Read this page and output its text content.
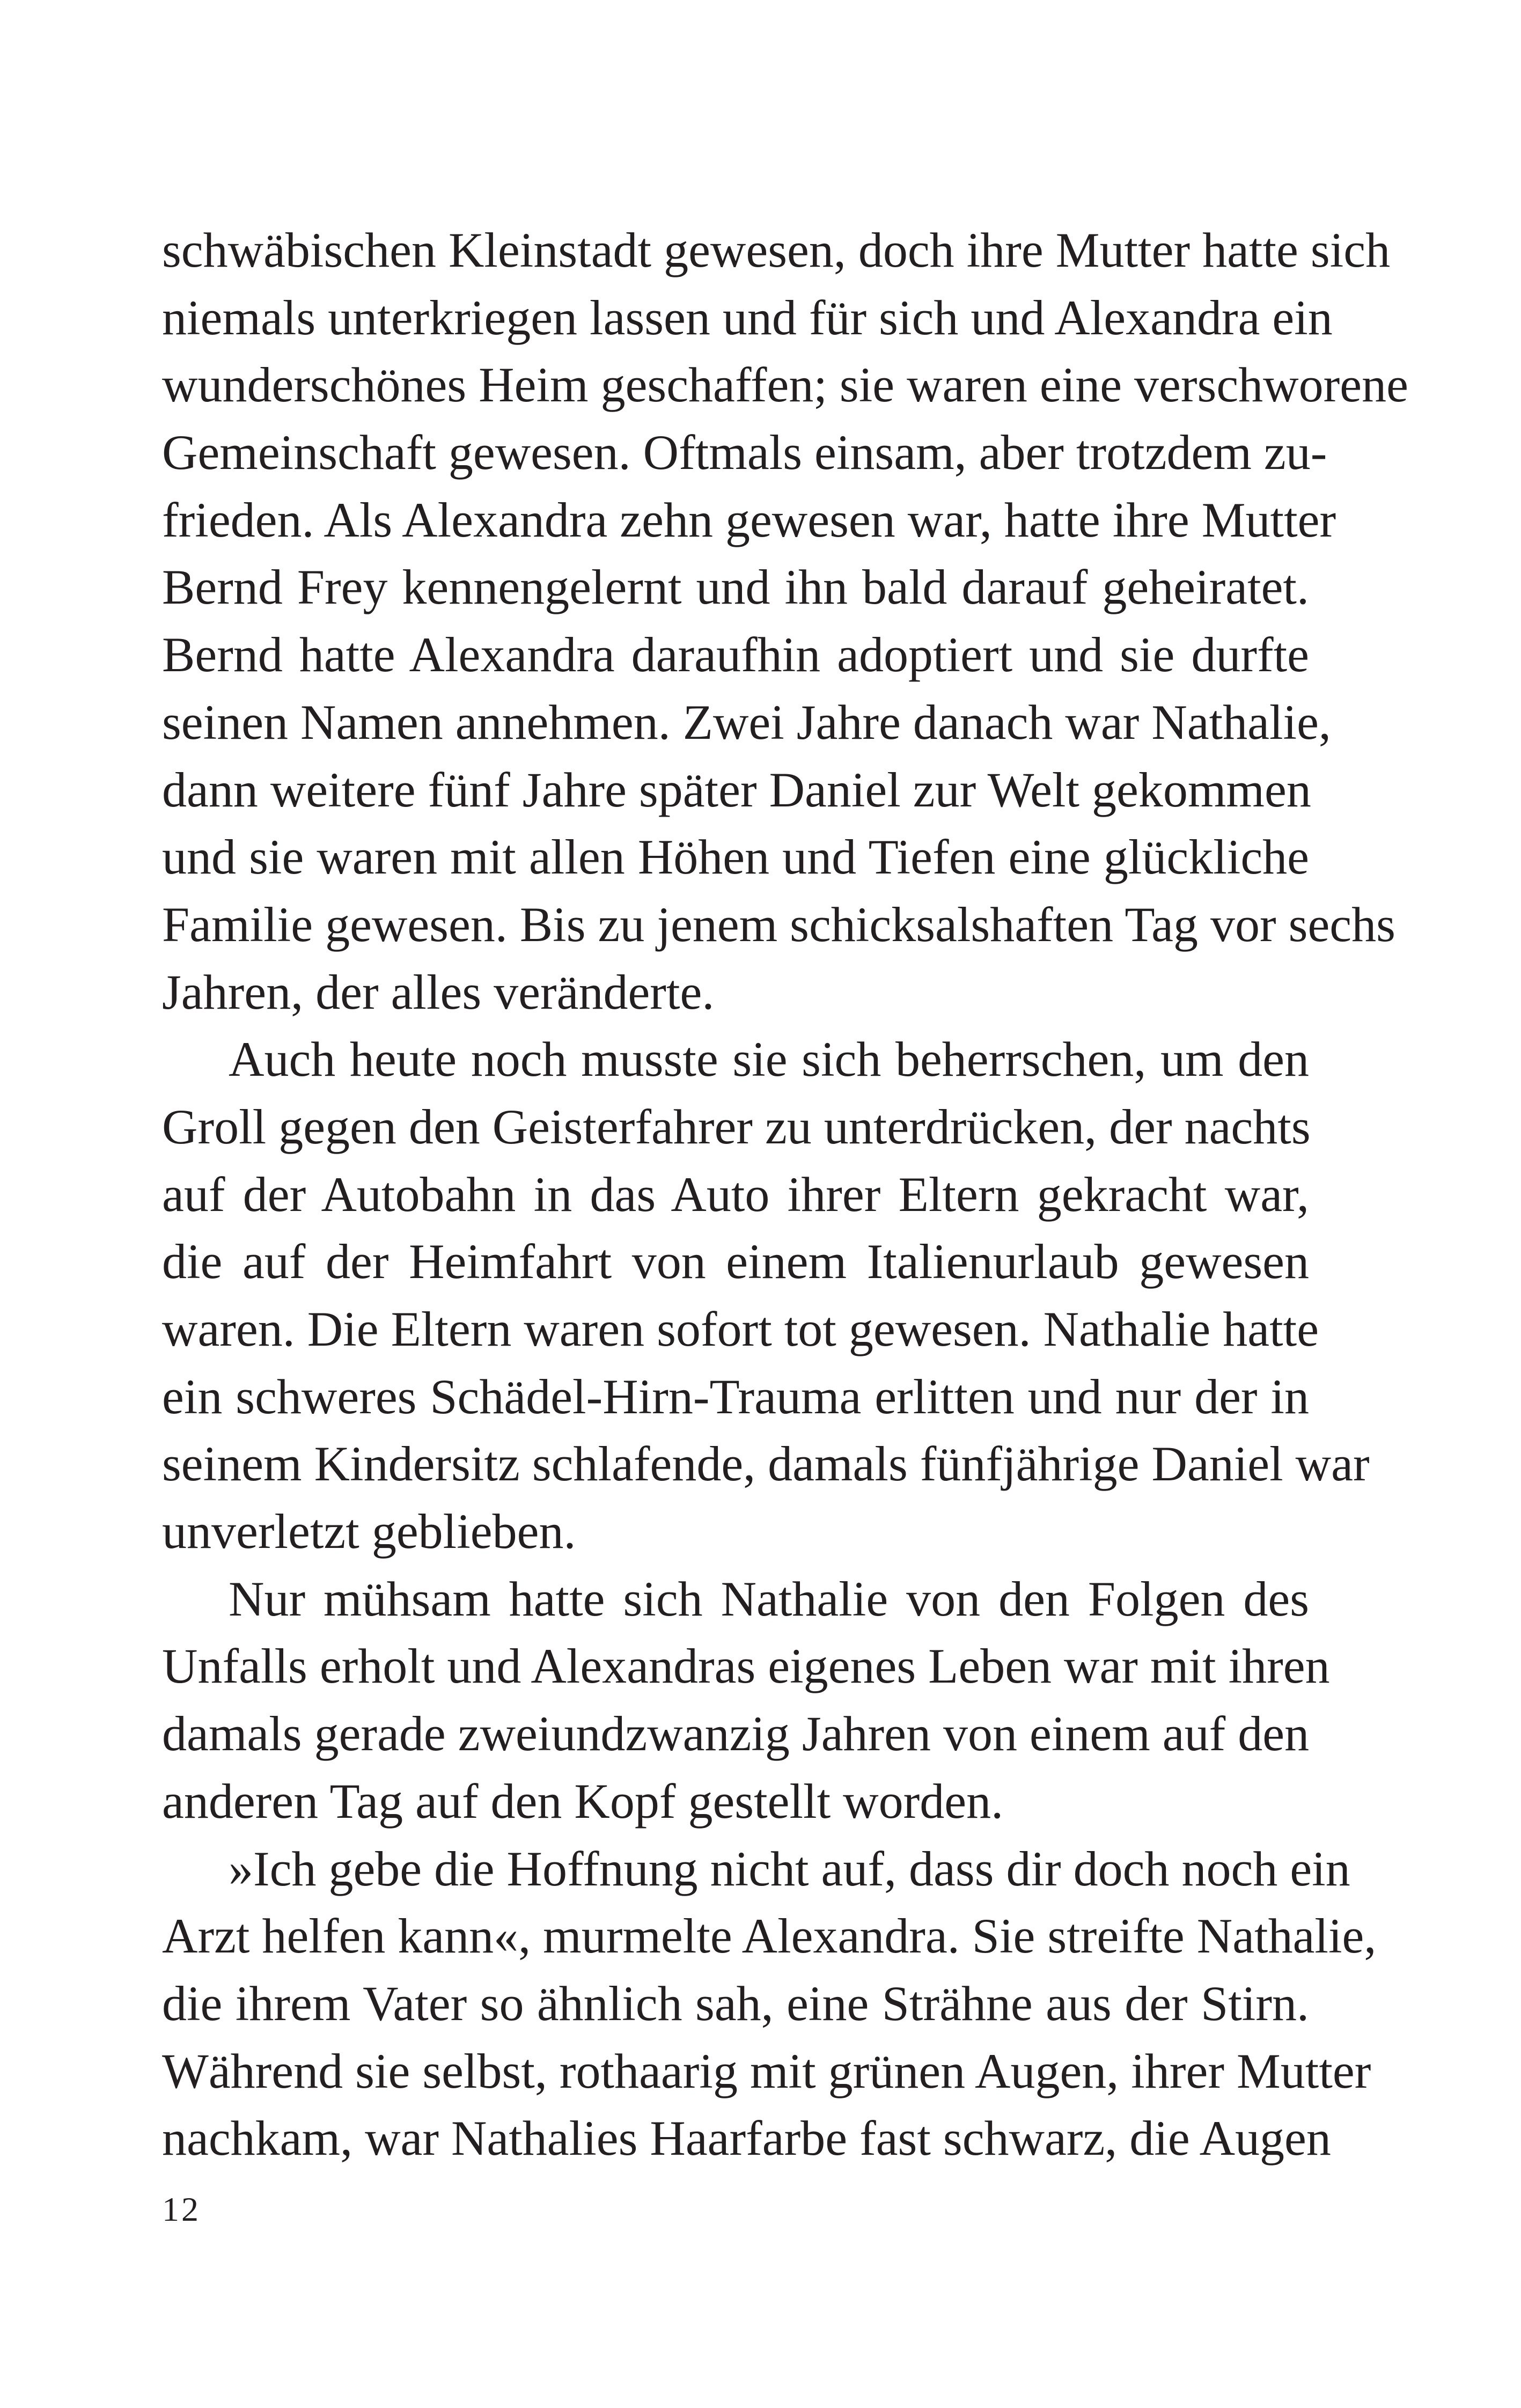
schwäbischen Kleinstadt gewesen, doch ihre Mutter hatte sich
niemals unterkriegen lassen und für sich und Alexandra ein
wunderschönes Heim geschaffen; sie waren eine verschworene
Gemeinschaft gewesen. Oftmals einsam, aber trotzdem zu-
frieden. Als Alexandra zehn gewesen war, hatte ihre Mutter
Bernd Frey kennengelernt und ihn bald darauf geheiratet.
Bernd hatte Alexandra daraufhin adoptiert und sie durfte
seinen Namen annehmen. Zwei Jahre danach war Nathalie,
dann weitere fünf Jahre später Daniel zur Welt gekommen
und sie waren mit allen Höhen und Tiefen eine glückliche
Familie gewesen. Bis zu jenem schicksalshaften Tag vor sechs
Jahren, der alles veränderte.
Auch heute noch musste sie sich beherrschen, um den
Groll gegen den Geisterfahrer zu unterdrücken, der nachts
auf der Autobahn in das Auto ihrer Eltern gekracht war,
die auf der Heimfahrt von einem Italienurlaub gewesen
waren. Die Eltern waren sofort tot gewesen. Nathalie hatte
ein schweres Schädel-Hirn-Trauma erlitten und nur der in
seinem Kindersitz schlafende, damals fünfjährige Daniel war
unverletzt geblieben.
Nur mühsam hatte sich Nathalie von den Folgen des
Unfalls erholt und Alexandras eigenes Leben war mit ihren
damals gerade zweiundzwanzig Jahren von einem auf den
anderen Tag auf den Kopf gestellt worden.
»Ich gebe die Hoffnung nicht auf, dass dir doch noch ein
Arzt helfen kann«, murmelte Alexandra. Sie streifte Nathalie,
die ihrem Vater so ähnlich sah, eine Strähne aus der Stirn.
Während sie selbst, rothaarig mit grünen Augen, ihrer Mutter
nachkam, war Nathalies Haarfarbe fast schwarz, die Augen
12
